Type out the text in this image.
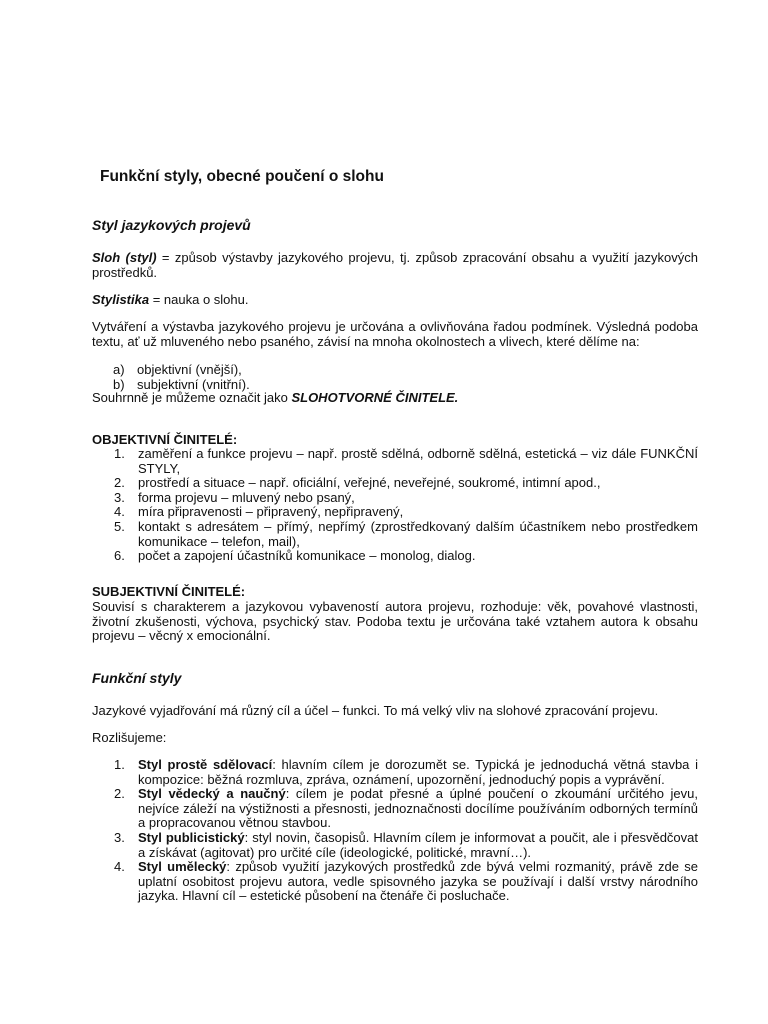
Funkční styly, obecné poučení o slohu
Styl jazykových projevů

Sloh (styl) = způsob výstavby jazykového projevu, tj. způsob zpracování obsahu a využití jazykových prostředků.

Stylistika = nauka o slohu.

Vytváření a výstavba jazykového projevu je určována a ovlivňována řadou podmínek. Výsledná podoba textu, ať už mluveného nebo psaného, závisí na mnoha okolnostech a vlivech, které dělíme na:

a) objektivní (vnější),
b) subjektivní (vnitřní).

Souhrnně je můžeme označit jako SLOHOTVORNÉ ČINITELE.

OBJEKTIVNÍ ČINITELÉ:

1. zaměření a funkce projevu – např. prostě sdělná, odborně sdělná, estetická – viz dále FUNKČNÍ STYLY,
2. prostředí a situace – např. oficiální, veřejné, neveřejné, soukromé, intimní apod.,
3. forma projevu – mluvený nebo psaný,
4. míra připravenosti – připravený, nepřipravený,
5. kontakt s adresátem – přímý, nepřímý (zprostředkovaný dalším účastníkem nebo prostředkem komunikace – telefon, mail),
6. počet a zapojení účastníků komunikace – monolog, dialog.

SUBJEKTIVNÍ ČINITELÉ:

Souvisí s charakterem a jazykovou vybaveností autora projevu, rozhoduje: věk, povahové vlastnosti, životní zkušenosti, výchova, psychický stav. Podoba textu je určována také vztahem autora k obsahu projevu – věcný x emocionální.

Funkční styly

Jazykové vyjadřování má různý cíl a účel – funkci. To má velký vliv na slohové zpracování projevu.

Rozlišujeme:

1. Styl prostě sdělovací: hlavním cílem je dorozumět se. Typická je jednoduchá větná stavba i kompozice: běžná rozmluva, zpráva, oznámení, upozornění, jednoduchý popis a vyprávění.
2. Styl vědecký a naučný: cílem je podat přesné a úplné poučení o zkoumání určitého jevu, nejvíce záleží na výstižnosti a přesnosti, jednoznačnosti docílíme používáním odborných termínů a propracovanou větnou stavbou.
3. Styl publicistický: styl novin, časopisů. Hlavním cílem je informovat a poučit, ale i přesvědčovat a získávat (agitovat) pro určité cíle (ideologické, politické, mravní…).
4. Styl umělecký: způsob využití jazykových prostředků zde bývá velmi rozmanitý, právě zde se uplatní osobitost projevu autora, vedle spisovného jazyka se používají i další vrstvy národního jazyka. Hlavní cíl – estetické působení na čtenáře či posluchače.
